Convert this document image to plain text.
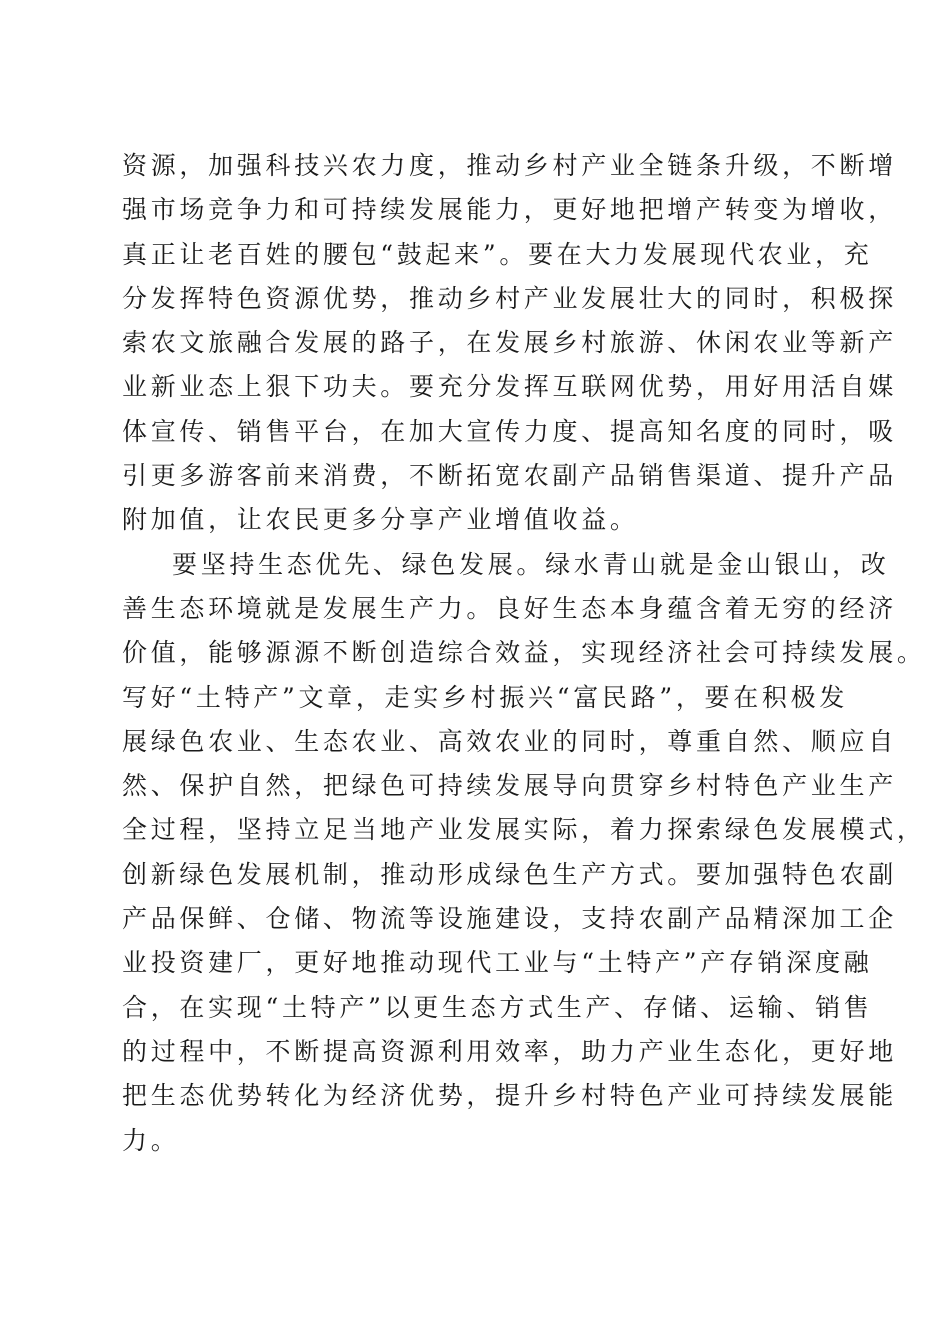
资源，加强科技兴农力度，推动乡村产业全链条升级，不断增
强市场竞争力和可持续发展能力，更好地把增产转变为增收，
真正让老百姓的腰包“鼓起来”。要在大力发展现代农业，充
分发挥特色资源优势，推动乡村产业发展壮大的同时，积极探
索农文旅融合发展的路子，在发展乡村旅游、休闲农业等新产
业新业态上狠下功夫。要充分发挥互联网优势，用好用活自媒
体宣传、销售平台，在加大宣传力度、提高知名度的同时，吸
引更多游客前来消费，不断拓宽农副产品销售渠道、提升产品
附加值，让农民更多分享产业增值收益。
要坚持生态优先、绿色发展。绿水青山就是金山银山，改
善生态环境就是发展生产力。良好生态本身蕴含着无穷的经济
价值，能够源源不断创造综合效益，实现经济社会可持续发展。
写好“土特产”文章，走实乡村振兴“富民路”，要在积极发
展绿色农业、生态农业、高效农业的同时，尊重自然、顺应自
然、保护自然，把绿色可持续发展导向贯穿乡村特色产业生产
全过程，坚持立足当地产业发展实际，着力探索绿色发展模式，
创新绿色发展机制，推动形成绿色生产方式。要加强特色农副
产品保鲜、仓储、物流等设施建设，支持农副产品精深加工企
业投资建厂，更好地推动现代工业与“土特产”产存销深度融
合，在实现“土特产”以更生态方式生产、存储、运输、销售
的过程中，不断提高资源利用效率，助力产业生态化，更好地
把生态优势转化为经济优势，提升乡村特色产业可持续发展能
力。
